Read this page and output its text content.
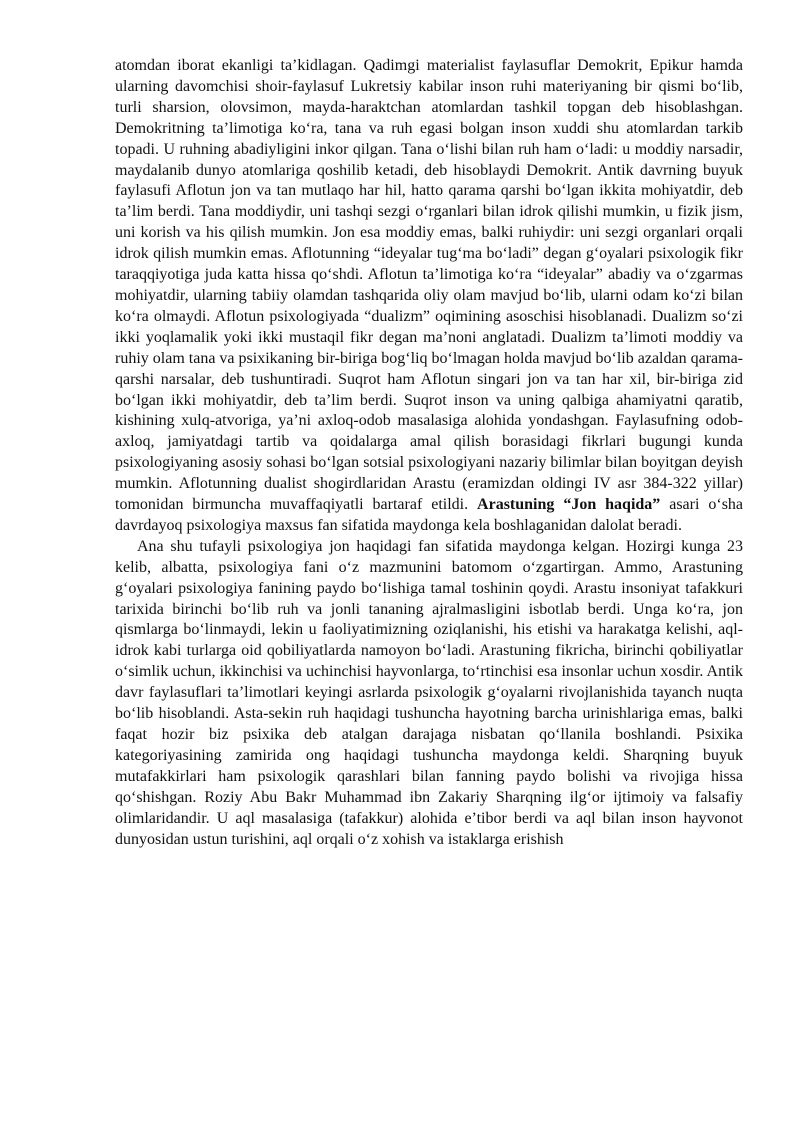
atomdan iborat ekanligi ta’kidlagan. Qadimgi materialist faylasuflar Demokrit, Epikur hamda ularning davomchisi shoir-faylasuf Lukretsiy kabilar inson ruhi materiyaning bir qismi bo‘lib, turli sharsion, olovsimon, mayda-haraktchan atomlardan tashkil topgan deb hisoblashgan. Demokritning ta’limotiga ko‘ra, tana va ruh egasi bolgan inson xuddi shu atomlardan tarkib topadi. U ruhning abadiyligini inkor qilgan. Tana o‘lishi bilan ruh ham o‘ladi: u moddiy narsadir, maydalanib dunyo atomlariga qoshilib ketadi, deb hisoblaydi Demokrit. Antik davrning buyuk faylasufi Aflotun jon va tan mutlaqo har hil, hatto qarama qarshi bo‘lgan ikkita mohiyatdir, deb ta’lim berdi. Tana moddiydir, uni tashqi sezgi o‘rganlari bilan idrok qilishi mumkin, u fizik jism, uni korish va his qilish mumkin. Jon esa moddiy emas, balki ruhiydir: uni sezgi organlari orqali idrok qilish mumkin emas. Aflotunning “ideyalar tug‘ma bo‘ladi” degan g‘oyalari psixologik fikr taraqqiyotiga juda katta hissa qo‘shdi. Aflotun ta’limotiga ko‘ra “ideyalar” abadiy va o‘zgarmas mohiyatdir, ularning tabiiy olamdan tashqarida oliy olam mavjud bo‘lib, ularni odam ko‘zi bilan ko‘ra olmaydi. Aflotun psixologiyada “dualizm” oqimining asoschisi hisoblanadi. Dualizm so‘zi ikki yoqlamalik yoki ikki mustaqil fikr degan ma’noni anglatadi. Dualizm ta’limoti moddiy va ruhiy olam tana va psixikaning bir-biriga bog‘liq bo‘lmagan holda mavjud bo‘lib azaldan qarama-qarshi narsalar, deb tushuntiradi. Suqrot ham Aflotun singari jon va tan har xil, bir-biriga zid bo‘lgan ikki mohiyatdir, deb ta’lim berdi. Suqrot inson va uning qalbiga ahamiyatni qaratib, kishining xulq-atvoriga, ya’ni axloq-odob masalasiga alohida yondashgan. Faylasufning odob-axloq, jamiyatdagi tartib va qoidalarga amal qilish borasidagi fikrlari bugungi kunda psixologiyaning asosiy sohasi bo‘lgan sotsial psixologiyani nazariy bilimlar bilan boyitgan deyish mumkin. Aflotunning dualist shogirdlaridan Arastu (eramizdan oldingi IV asr 384-322 yillar) tomonidan birmuncha muvaffaqiyatli bartaraf etildi. Arastuning “Jon haqida” asari o‘sha davrdayoq psixologiya maxsus fan sifatida maydonga kela boshlaganidan dalolat beradi.

Ana shu tufayli psixologiya jon haqidagi fan sifatida maydonga kelgan. Hozirgi kunga 23 kelib, albatta, psixologiya fani o‘z mazmunini batomom o‘zgartirgan. Ammo, Arastuning g‘oyalari psixologiya fanining paydo bo‘lishiga tamal toshinin qoydi. Arastu insoniyat tafakkuri tarixida birinchi bo‘lib ruh va jonli tananing ajralmasligini isbotlab berdi. Unga ko‘ra, jon qismlarga bo‘linmaydi, lekin u faoliyatimizning oziqlanishi, his etishi va harakatga kelishi, aql-idrok kabi turlarga oid qobiliyatlarda namoyon bo‘ladi. Arastuning fikricha, birinchi qobiliyatlar o‘simlik uchun, ikkinchisi va uchinchisi hayvonlarga, to‘rtinchisi esa insonlar uchun xosdir. Antik davr faylasuflari ta’limotlari keyingi asrlarda psixologik g‘oyalarni rivojlanishida tayanch nuqta bo‘lib hisoblandi. Asta-sekin ruh haqidagi tushuncha hayotning barcha urinishlariga emas, balki faqat hozir biz psixika deb atalgan darajaga nisbatan qo‘llanila boshlandi. Psixika kategoriyasining zamirida ong haqidagi tushuncha maydonga keldi. Sharqning buyuk mutafakkirlari ham psixologik qarashlari bilan fanning paydo bolishi va rivojiga hissa qo‘shishgan. Roziy Abu Bakr Muhammad ibn Zakariy Sharqning ilg‘or ijtimoiy va falsafiy olimlaridandir. U aql masalasiga (tafakkur) alohida e’tibor berdi va aql bilan inson hayvonot dunyosidan ustun turishini, aql orqali o‘z xohish va istaklarga erishish
